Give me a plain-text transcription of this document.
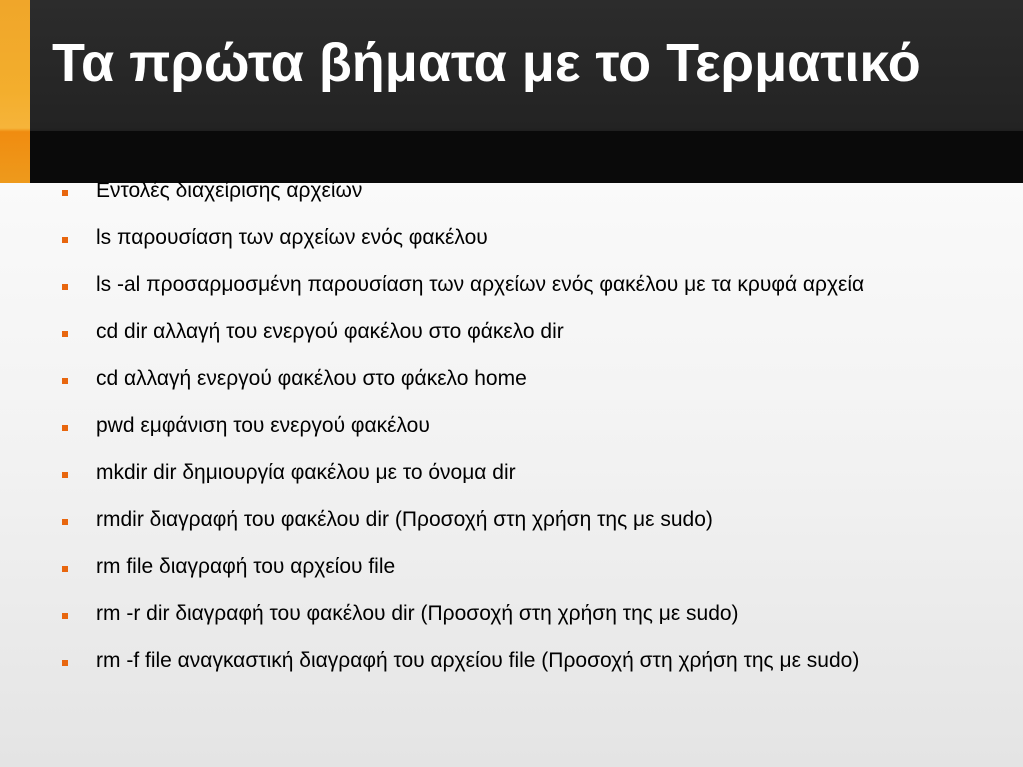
Τα πρώτα βήματα με το Τερματικό
Εντολές διαχείρισης αρχείων
ls παρουσίαση των αρχείων ενός φακέλου
ls -al προσαρμοσμένη παρουσίαση των αρχείων ενός φακέλου με τα κρυφά αρχεία
cd dir αλλαγή του ενεργού φακέλου στο φάκελο dir
cd αλλαγή ενεργού φακέλου στο φάκελο home
pwd εμφάνιση του ενεργού φακέλου
mkdir dir δημιουργία φακέλου με το όνομα dir
rmdir διαγραφή του φακέλου dir (Προσοχή στη χρήση της με sudo)
rm file διαγραφή του αρχείου file
rm -r dir διαγραφή του φακέλου dir (Προσοχή στη χρήση της με sudo)
rm -f file αναγκαστική διαγραφή του αρχείου file (Προσοχή στη χρήση της με sudo)
